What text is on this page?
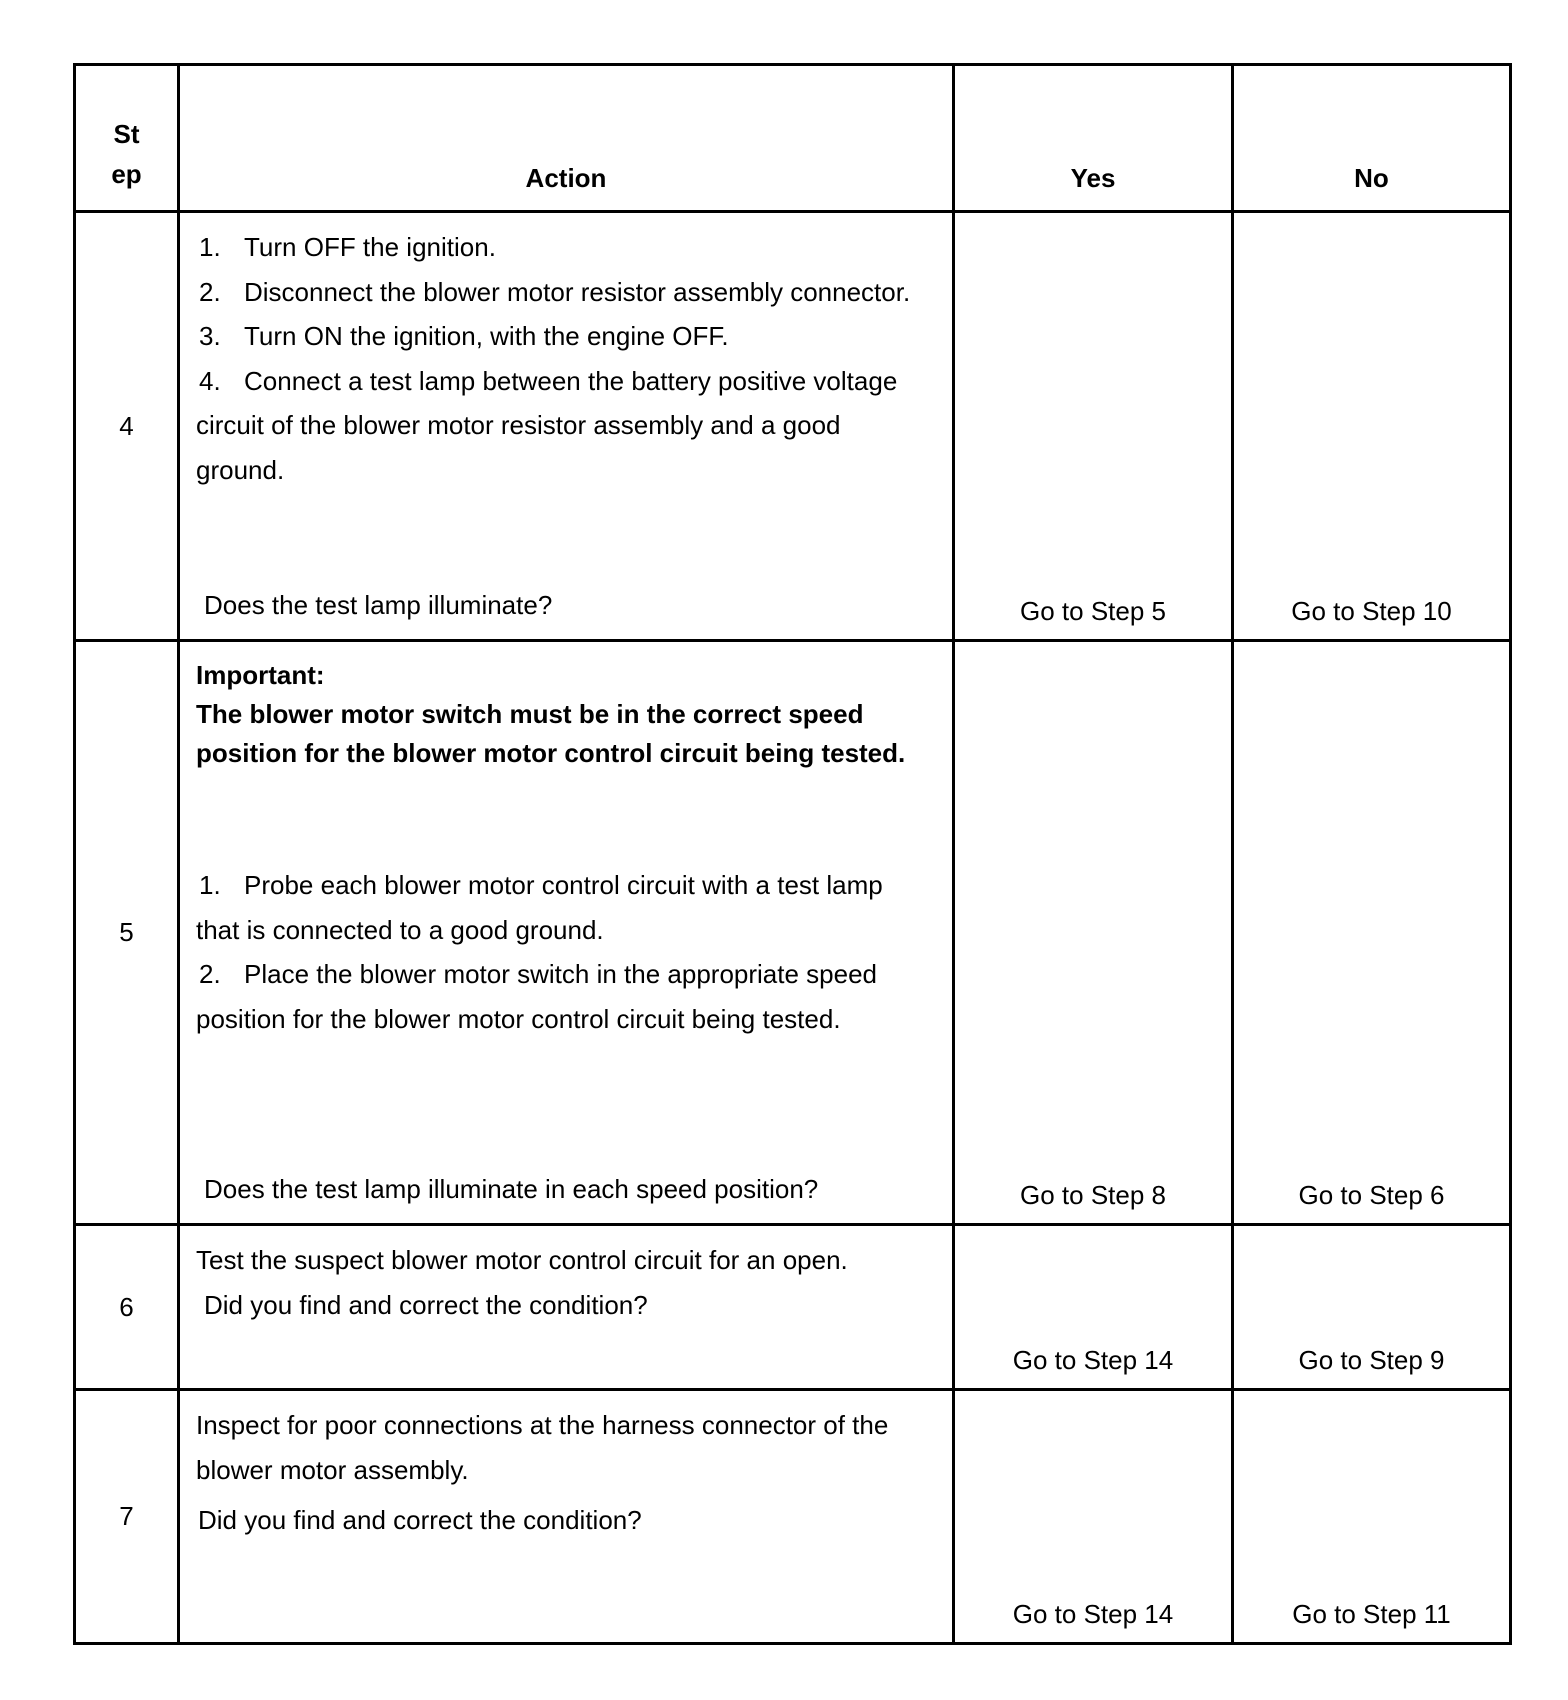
St
ep	Action	Yes	No
4	1. Turn OFF the ignition.
2. Disconnect the blower motor resistor assembly connector.
3. Turn ON the ignition, with the engine OFF.
4. Connect a test lamp between the battery positive voltage circuit of the blower motor resistor assembly and a good ground.
Does the test lamp illuminate?	Go to Step 5	Go to Step 10
5	Important:
The blower motor switch must be in the correct speed position for the blower motor control circuit being tested.
1. Probe each blower motor control circuit with a test lamp that is connected to a good ground.
2. Place the blower motor switch in the appropriate speed position for the blower motor control circuit being tested.
Does the test lamp illuminate in each speed position?	Go to Step 8	Go to Step 6
6	Test the suspect blower motor control circuit for an open.
Did you find and correct the condition?	Go to Step 14	Go to Step 9
7	Inspect for poor connections at the harness connector of the blower motor assembly.
Did you find and correct the condition?	Go to Step 14	Go to Step 11
